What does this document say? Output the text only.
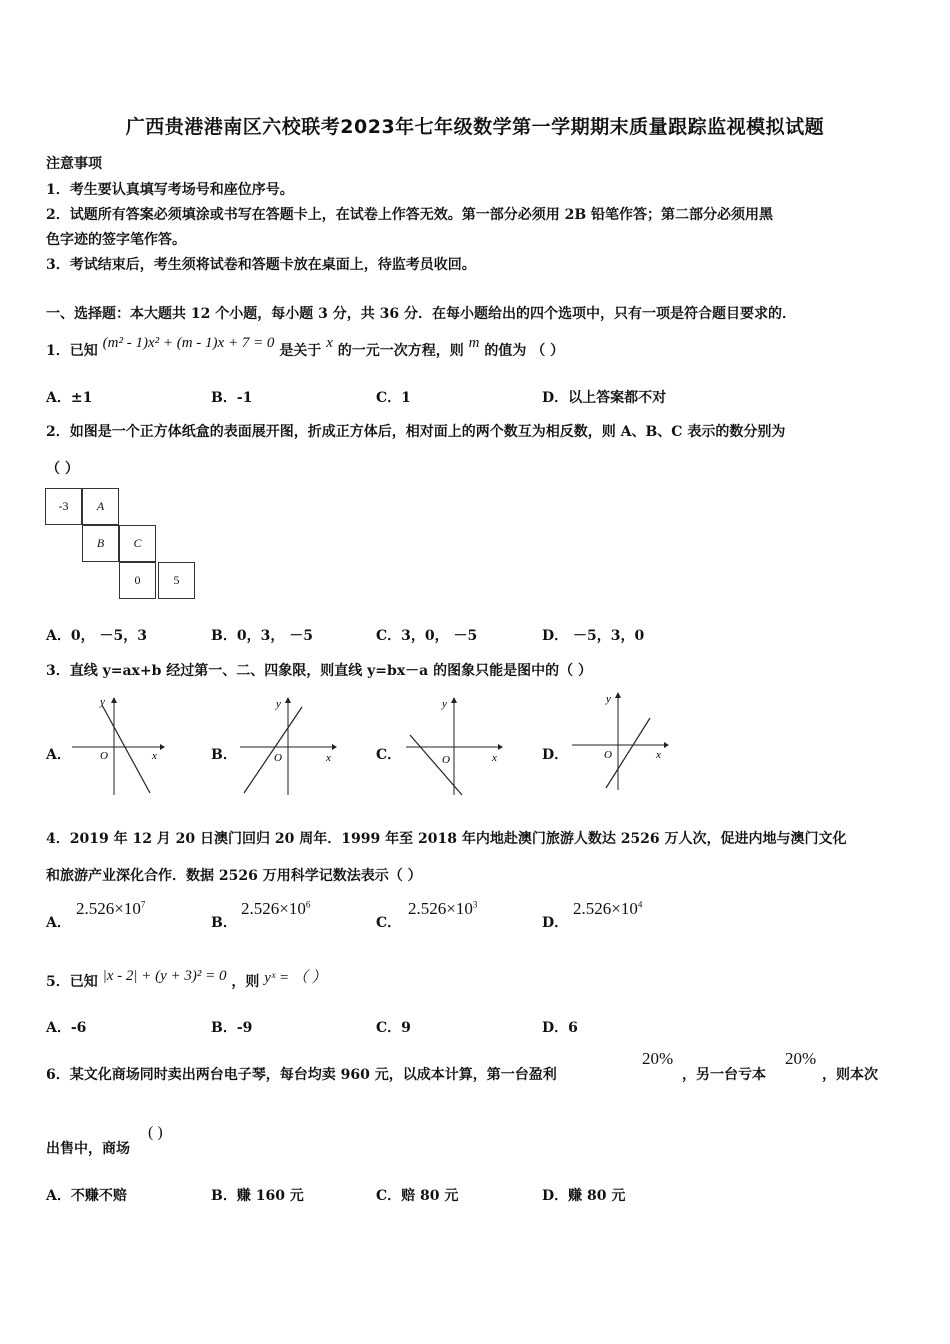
广西贵港港南区六校联考2023年七年级数学第一学期期末质量跟踪监视模拟试题
注意事项
1．考生要认真填写考场号和座位序号。
2．试题所有答案必须填涂或书写在答题卡上，在试卷上作答无效。第一部分必须用 2B 铅笔作答；第二部分必须用黑
色字迹的签字笔作答。
3．考试结束后，考生须将试卷和答题卡放在桌面上，待监考员收回。
一、选择题：本大题共 12 个小题，每小题 3 分，共 36 分．在每小题给出的四个选项中，只有一项是符合题目要求的．
1．已知 (m² - 1)x² + (m - 1)x + 7 = 0 是关于 x 的一元一次方程，则 m 的值为 （ ）
A．±1	B．-1	C．1	D．以上答案都不对
2．如图是一个正方体纸盒的表面展开图，折成正方体后，相对面上的两个数互为相反数，则 A、B、C 表示的数分别为
（ ）
-3	A
B	C
0	5
A．0， －5，3	B．0，3， －5	C．3，0， －5	D． －5，3，0
3．直线 y=ax+b 经过第一、二、四象限，则直线 y=bx－a 的图象只能是图中的（ ）
A．	B．	C．	D．
y
x
O
y
x
O
y
x
O
y
x
O
4．2019 年 12 月 20 日澳门回归 20 周年．1999 年至 2018 年内地赴澳门旅游人数达 2526 万人次，促进内地与澳门文化
和旅游产业深化合作．数据 2526 万用科学记数法表示（ ）
A．
$2.526\times 10^7$
B．
$2.526\times 10^6$
C．
$2.526\times 10^3$
D．
$2.526\times 10^4$
5．已知 |x - 2| + (y + 3)² = 0 ，则 yˣ = （ ）
A．-6	B．-9	C．9	D．6
6．某文化商场同时卖出两台电子琴，每台均卖 960 元，以成本计算，第一台盈利
20%
，另一台亏本
20%
，则本次
出售中，商场
( )
A．不赚不赔	B．赚 160 元	C．赔 80 元	D．赚 80 元
